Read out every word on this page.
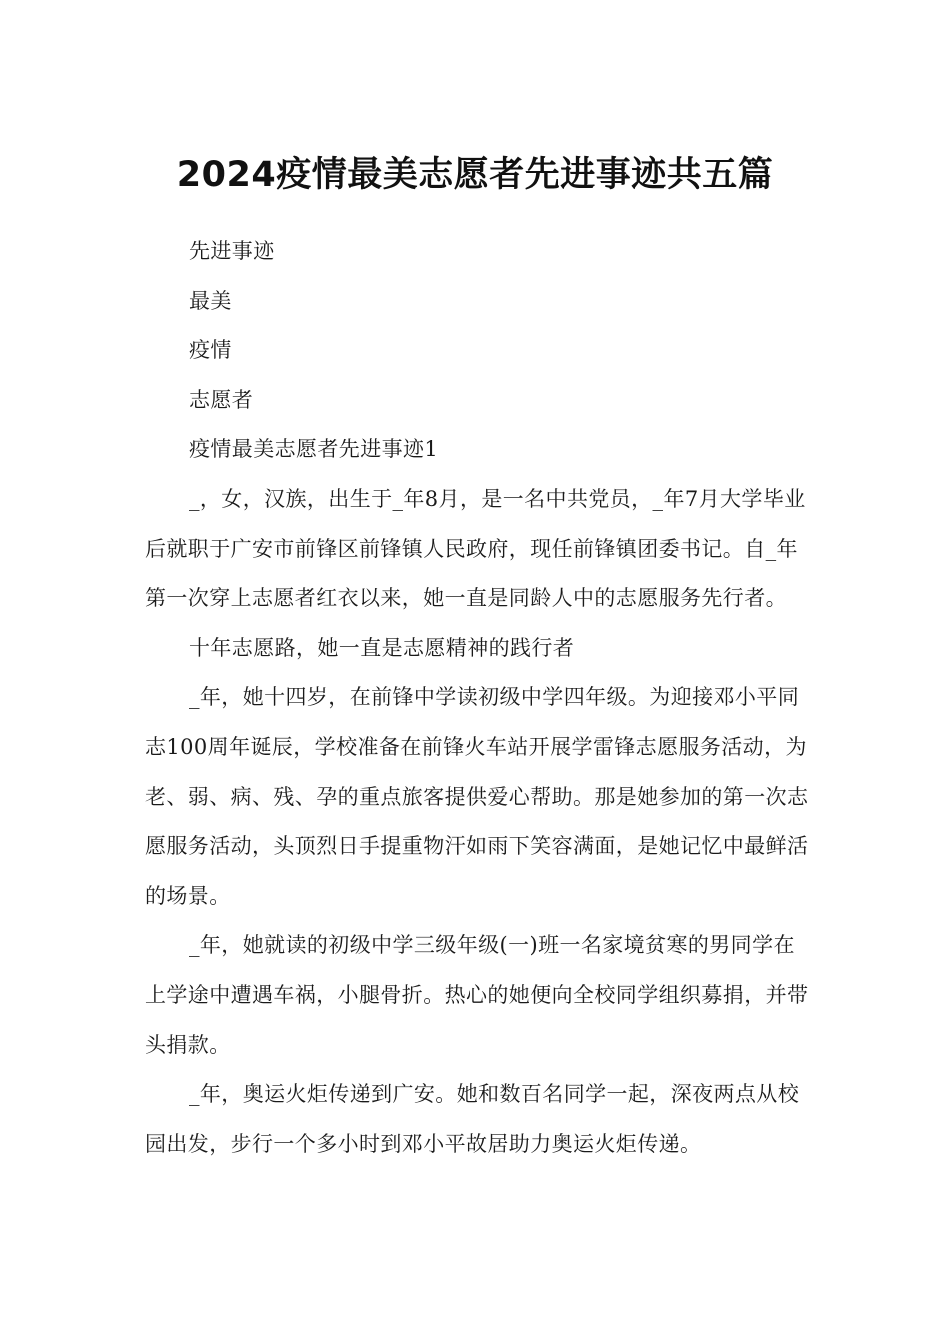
2024疫情最美志愿者先进事迹共五篇

先进事迹

最美

疫情

志愿者

疫情最美志愿者先进事迹1

_，女，汉族，出生于_年8月，是一名中共党员，_年7月大学毕业后就职于广安市前锋区前锋镇人民政府，现任前锋镇团委书记。自_年第一次穿上志愿者红衣以来，她一直是同龄人中的志愿服务先行者。

十年志愿路，她一直是志愿精神的践行者

_年，她十四岁，在前锋中学读初级中学四年级。为迎接邓小平同志100周年诞辰，学校准备在前锋火车站开展学雷锋志愿服务活动，为老、弱、病、残、孕的重点旅客提供爱心帮助。那是她参加的第一次志愿服务活动，头顶烈日手提重物汗如雨下笑容满面，是她记忆中最鲜活的场景。

_年，她就读的初级中学三级年级(一)班一名家境贫寒的男同学在上学途中遭遇车祸，小腿骨折。热心的她便向全校同学组织募捐，并带头捐款。

_年，奥运火炬传递到广安。她和数百名同学一起，深夜两点从校园出发，步行一个多小时到邓小平故居助力奥运火炬传递。
